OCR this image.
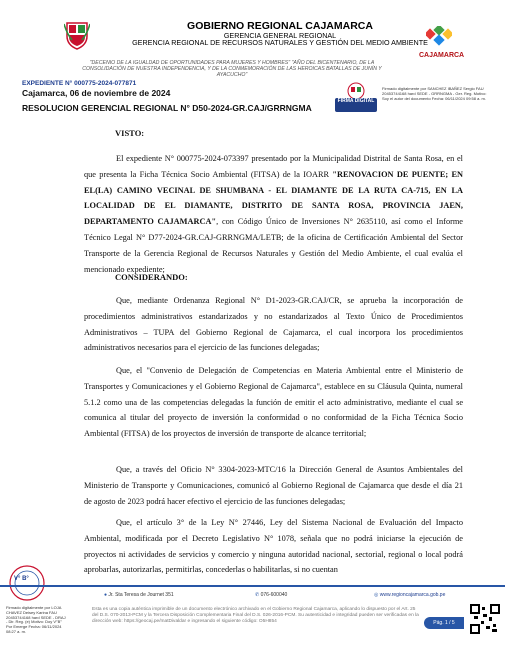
GOBIERNO REGIONAL CAJAMARCA
GERENCIA GENERAL REGIONAL
GERENCIA REGIONAL DE RECURSOS NATURALES Y GESTIÓN DEL MEDIO AMBIENTE
CAJAMARCA
"DECENIO DE LA IGUALDAD DE OPORTUNIDADES PARA MUJERES Y HOMBRES" "AÑO DEL BICENTENARIO, DE LA CONSOLIDACIÓN DE NUESTRA INDEPENDENCIA, Y DE LA CONMEMORACIÓN DE LAS HEROICAS BATALLAS DE JUNÍN Y AYACUCHO"
EXPEDIENTE N° 000775-2024-077871
Cajamarca, 06 de noviembre de 2024
RESOLUCION GERENCIAL REGIONAL N° D50-2024-GR.CAJ/GRRNGMA
FIRMA DIGITAL
Firmado digitalmente por SANCHEZ IBAÑEZ Sergio FAU 20453744168 hard SEDE - GRRNGMA - Ger. Reg. Motivo: Soy el autor del documento Fecha: 06/11/2024 09:58 a. m.
VISTO:
El expediente N° 000775-2024-073397 presentado por la Municipalidad Distrital de Santa Rosa, en el que presenta la Ficha Técnica Socio Ambiental (FITSA) de la IOARR "RENOVACION DE PUENTE; EN EL(LA) CAMINO VECINAL DE SHUMBANA - EL DIAMANTE DE LA RUTA CA-715, EN LA LOCALIDAD DE EL DIAMANTE, DISTRITO DE SANTA ROSA, PROVINCIA JAEN, DEPARTAMENTO CAJAMARCA", con Código Único de Inversiones N° 2635110, así como el Informe Técnico Legal N° D77-2024-GR.CAJ-GRRNGMA/LETB; de la oficina de Certificación Ambiental del Sector Transporte de la Gerencia Regional de Recursos Naturales y Gestión del Medio Ambiente, el cual evalúa el mencionado expediente;
CONSIDERANDO:
Que, mediante Ordenanza Regional N° D1-2023-GR.CAJ/CR, se aprueba la incorporación de procedimientos administrativos estandarizados y no estandarizados al Texto Único de Procedimientos Administrativos – TUPA del Gobierno Regional de Cajamarca, el cual incorpora los procedimientos administrativos necesarios para el ejercicio de las funciones delegadas;
Que, el "Convenio de Delegación de Competencias en Materia Ambiental entre el Ministerio de Transportes y Comunicaciones y el Gobierno Regional de Cajamarca", establece en su Cláusula Quinta, numeral 5.1.2 como una de las competencias delegadas la función de emitir el acto administrativo, mediante el cual se comunica al titular del proyecto de inversión la conformidad o no conformidad de la Ficha Técnica Socio Ambiental (FITSA) de los proyectos de inversión de transporte de alcance territorial;
Que, a través del Oficio N° 3304-2023-MTC/16 la Dirección General de Asuntos Ambientales del Ministerio de Transporte y Comunicaciones, comunicó al Gobierno Regional de Cajamarca que desde el día 21 de agosto de 2023 podrá hacer efectivo el ejercicio de las funciones delegadas;
Que, el artículo 3° de la Ley N° 27446, Ley del Sistema Nacional de Evaluación del Impacto Ambiental, modificada por el Decreto Legislativo N° 1078, señala que no podrá iniciarse la ejecución de proyectos ni actividades de servicios y comercio y ninguna autoridad nacional, sectorial, regional o local podrá aprobarlas, autorizarlas, permitirlas, concederlas o habilitarlas, si no cuentan
V° B°
Firmado digitalmente por LOJA CHAVEZ Deisey Karina FAU 20453744168 hard SEDE - DRAJ - Dir. Reg. (e) Motivo: Doy V°B° Por Emerge Fecha: 06/11/2024 08:27 a. m.
● Jr. Sta Teresa de Journet 351	✆ 076-600040	◎ www.regioncajamarca.gob.pe
Esta es una copia auténtica imprimible de un documento electrónico archivado en el Gobierno Regional Cajamarca, aplicando lo dispuesto por el Art. 25 del D.S. 070-2013-PCM y la Tercera Disposición Complementaria Final del D.S. 026-2016-PCM. Su autenticidad e integridad pueden ser verificadas en la dirección web: https://geocaj.pe/matDivaldar e ingresando el siguiente código: O5H854	Pág. 1 / 5
